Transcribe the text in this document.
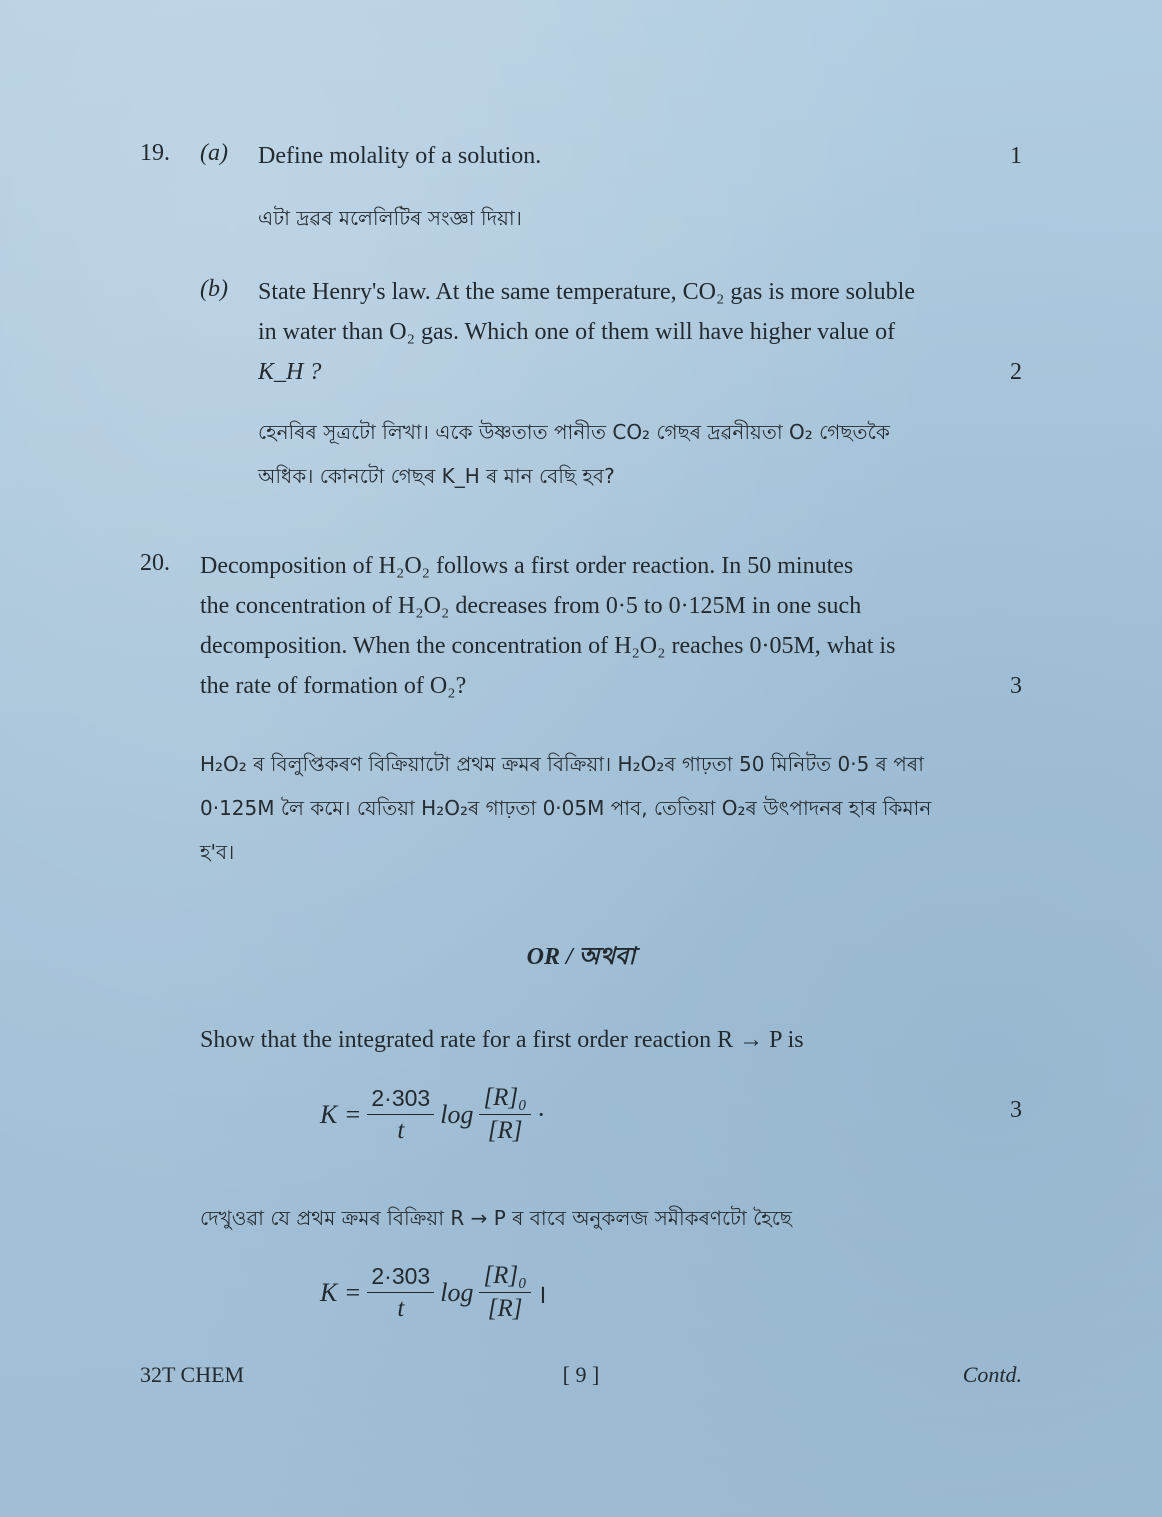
19. (a) Define molality of a solution.	1
এটা দ্ৰৱৰ মলেলিটিৰ সংজ্ঞা দিয়া।
(b) State Henry's law. At the same temperature, CO₂ gas is more soluble
in water than O₂ gas. Which one of them will have higher value of
K_H ?	2
হেনৰিৰ সূত্ৰটো লিখা। একে উষ্ণতাত পানীত CO₂ গেছৰ দ্ৰৱনীয়তা O₂ গেছতকৈ
অধিক। কোনটো গেছৰ K_H ৰ মান বেছি হব?
20. Decomposition of H₂O₂ follows a first order reaction. In 50 minutes
the concentration of H₂O₂ decreases from 0·5 to 0·125M in one such
decomposition. When the concentration of H₂O₂ reaches 0·05M, what is
the rate of formation of O₂?	3
H₂O₂ ৰ বিলুপ্তিকৰণ বিক্ৰিয়াটো প্ৰথম ক্ৰমৰ বিক্ৰিয়া। H₂O₂ৰ গাঢ়তা 50 মিনিটত 0·5 ৰ পৰা
0·125M লৈ কমে। যেতিয়া H₂O₂ৰ গাঢ়তা 0·05M পাব, তেতিয়া O₂ৰ উৎপাদনৰ হাৰ কিমান
হ'ব।
OR / অথবা
Show that the integrated rate for a first order reaction R → P is
$K = \frac{2\cdot 303}{t}$ $\log \frac{\text{[R]₀}}{[R]}$ ·	3
দেখুওৱা যে প্ৰথম ক্ৰমৰ বিক্ৰিয়া R → P ৰ বাবে অনুকলজ সমীকৰণটো হৈছে
$K = \frac{2\cdot 303}{t}$ $\log \frac{\text{[R]₀}}{[R]}$ ।
32T CHEM	[ 9 ]	Contd.
